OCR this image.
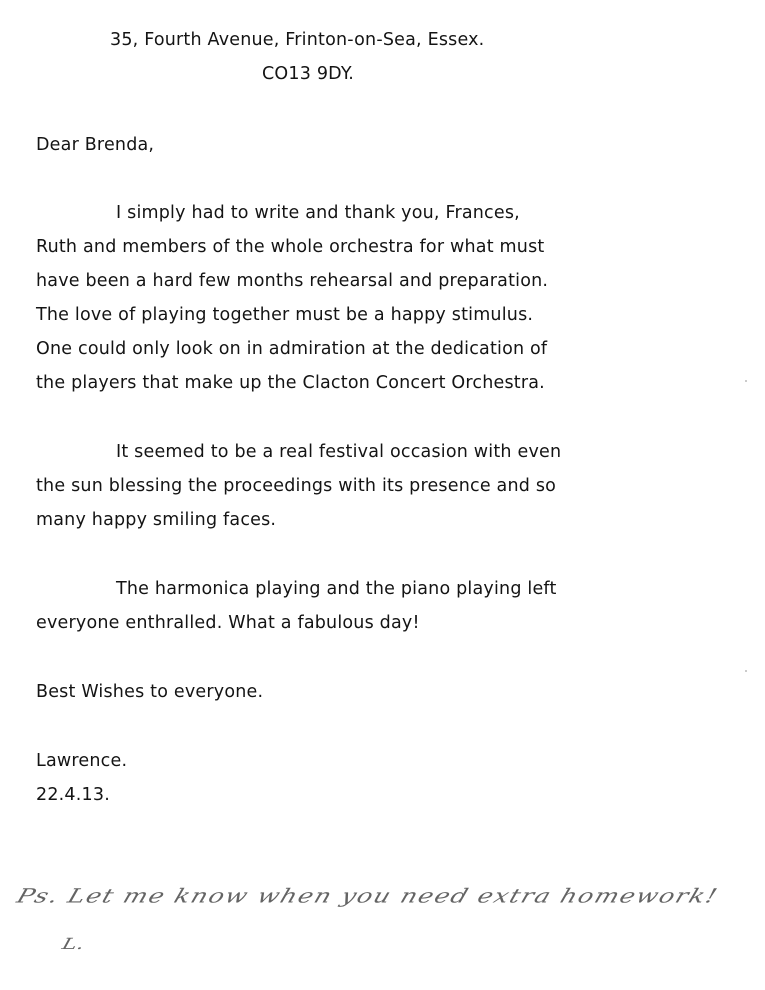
35, Fourth Avenue, Frinton-on-Sea, Essex.
CO13 9DY.
Dear Brenda,
I simply had to write and thank you, Frances,
Ruth and members of the whole orchestra for what must
have been a hard few months rehearsal and preparation.
The love of playing together must be a happy stimulus.
One could only look on in admiration at the dedication of
the players that make up the Clacton Concert Orchestra.
It seemed to be a real festival occasion with even
the sun blessing the proceedings with its presence and so
many happy smiling faces.
The harmonica playing and the piano playing left
everyone enthralled. What a fabulous day!
Best Wishes to everyone.
Lawrence.
22.4.13.
Ps. Let me know when you need extra homework!
L.
